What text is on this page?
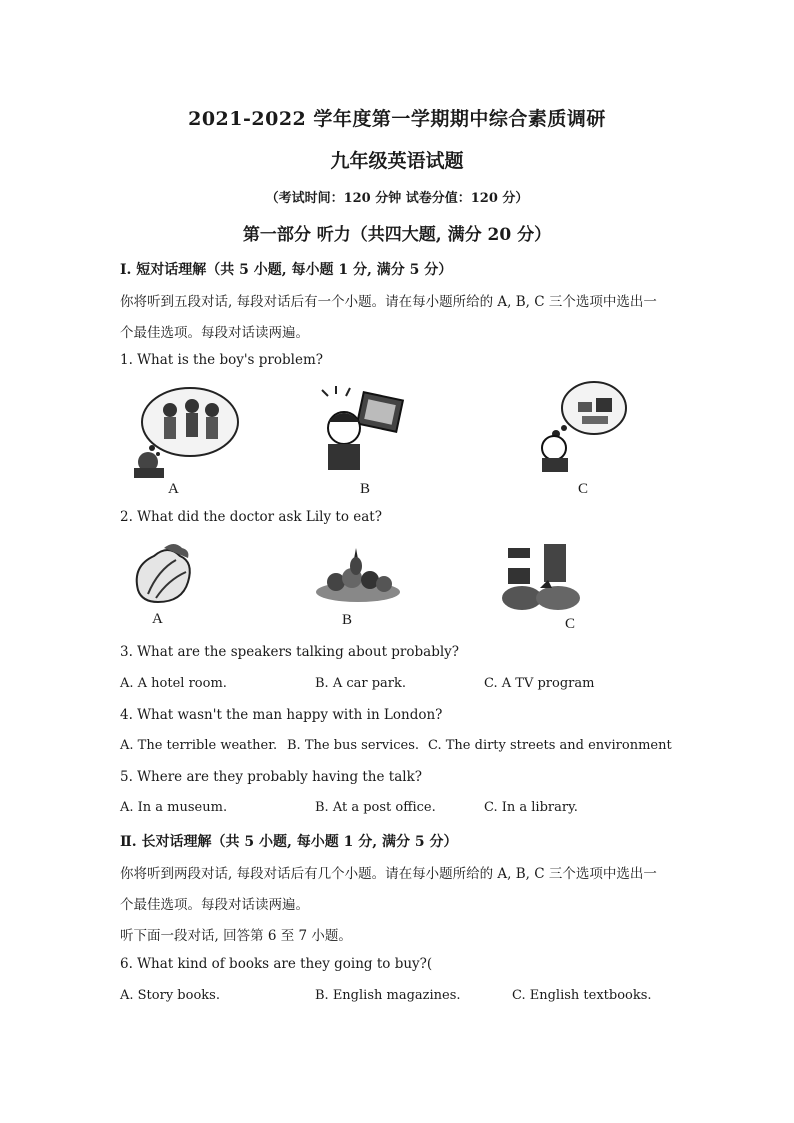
2021-2022 学年度第一学期期中综合素质调研
九年级英语试题
（考试时间：120 分钟 试卷分值：120 分）
第一部分 听力（共四大题, 满分 20 分）
Ⅰ. 短对话理解（共 5 小题, 每小题 1 分, 满分 5 分）
你将听到五段对话, 每段对话后有一个小题。请在每小题所给的 A, B, C 三个选项中选出一
个最佳选项。每段对话读两遍。
1. What is the boy's problem?
A	B	C
2. What did the doctor ask Lily to eat?
A	B	C
3. What are the speakers talking about probably?
A. A hotel room.	B. A car park.	C. A TV program
4. What wasn't the man happy with in London?
A. The terrible weather. B. The bus services. C. The dirty streets and environment
5. Where are they probably having the talk?
A. In a museum.	B. At a post office.	C. In a library.
Ⅱ. 长对话理解（共 5 小题, 每小题 1 分, 满分 5 分）
你将听到两段对话, 每段对话后有几个小题。请在每小题所给的 A, B, C 三个选项中选出一
个最佳选项。每段对话读两遍。
听下面一段对话, 回答第 6 至 7 小题。
6. What kind of books are they going to buy?(
A. Story books.	B. English magazines.	C. English textbooks.
